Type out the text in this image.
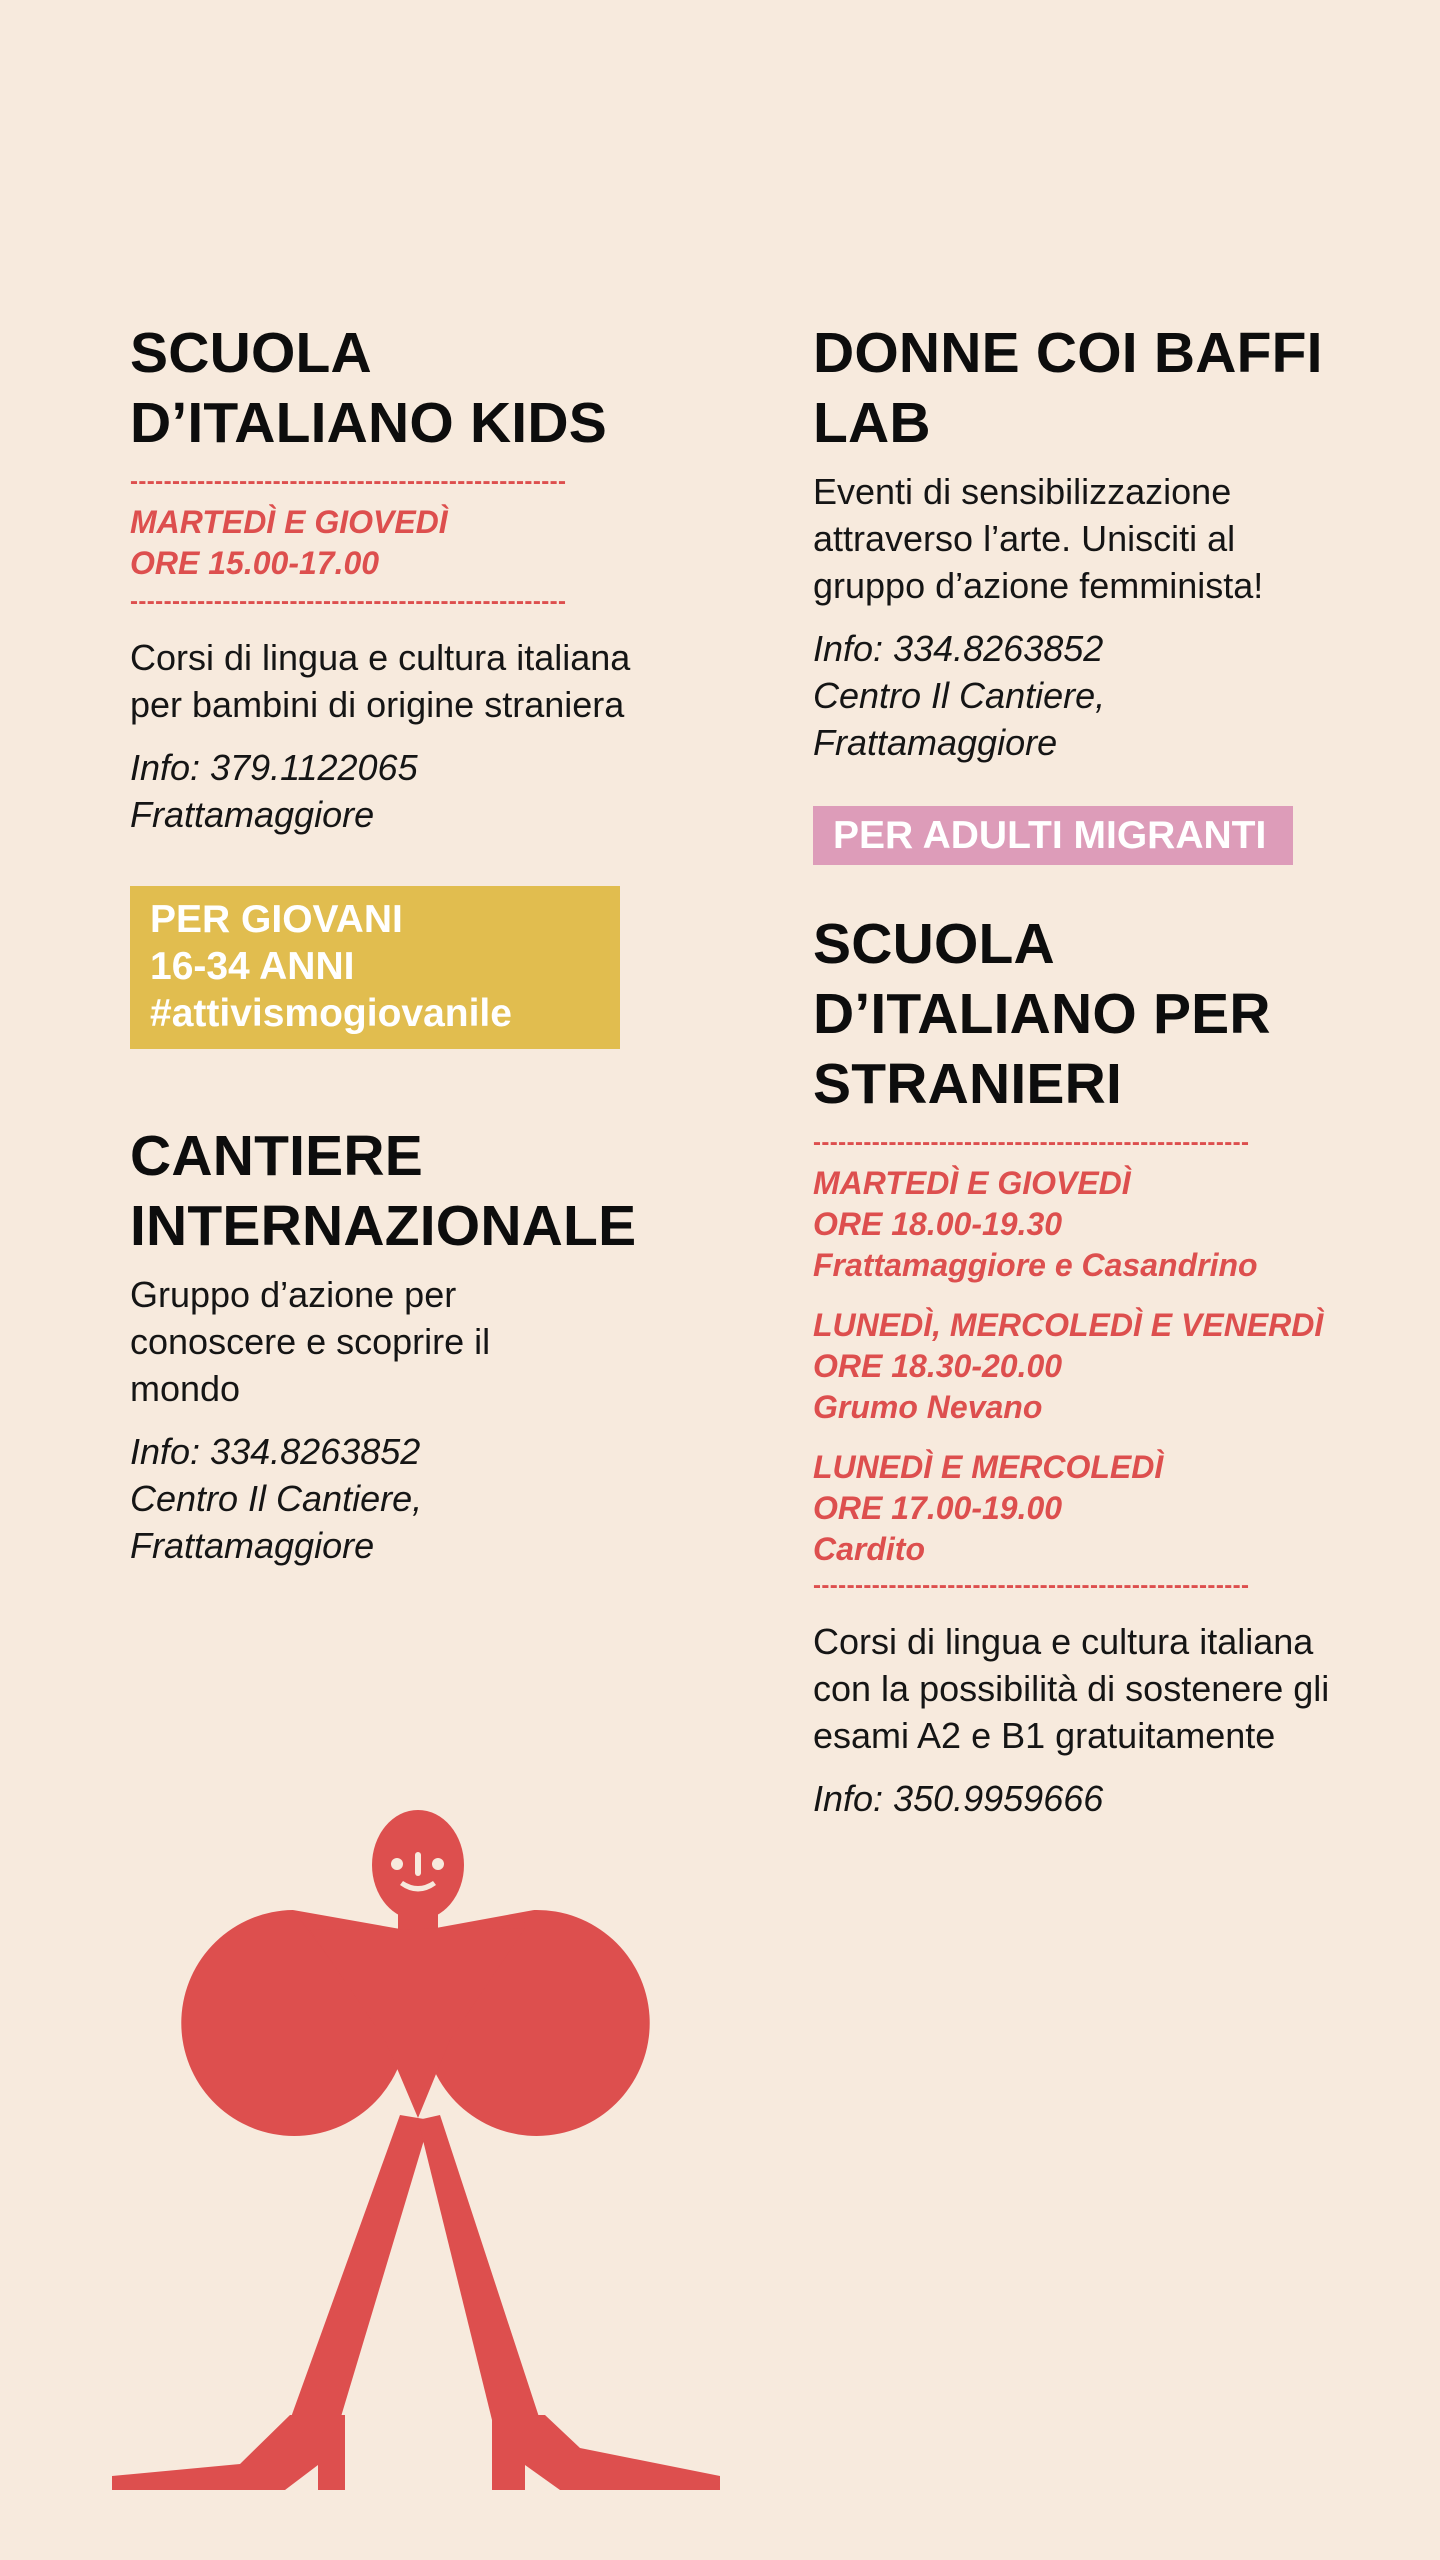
SCUOLA
D’ITALIANO KIDS
----------------------------------------------------
MARTEDÌ E GIOVEDÌ
ORE 15.00-17.00
----------------------------------------------------
Corsi di lingua e cultura italiana per bambini di origine straniera
Info: 379.1122065
Frattamaggiore
PER GIOVANI
16-34 ANNI
#attivismogiovanile
CANTIERE
INTERNAZIONALE
Gruppo d’azione per conoscere e scoprire il mondo
Info: 334.8263852
Centro Il Cantiere,
Frattamaggiore
DONNE COI BAFFI
LAB
Eventi di sensibilizzazione attraverso l’arte. Unisciti al gruppo d’azione femminista!
Info: 334.8263852
Centro Il Cantiere,
Frattamaggiore
PER ADULTI MIGRANTI
SCUOLA
D’ITALIANO PER
STRANIERI
----------------------------------------------------
MARTEDÌ E GIOVEDÌ
ORE 18.00-19.30
Frattamaggiore e Casandrino
LUNEDÌ, MERCOLEDÌ E VENERDÌ
ORE 18.30-20.00
Grumo Nevano
LUNEDÌ E MERCOLEDÌ
ORE 17.00-19.00
Cardito
----------------------------------------------------
Corsi di lingua e cultura italiana con la possibilità di sostenere gli esami A2 e B1 gratuitamente
Info: 350.9959666
